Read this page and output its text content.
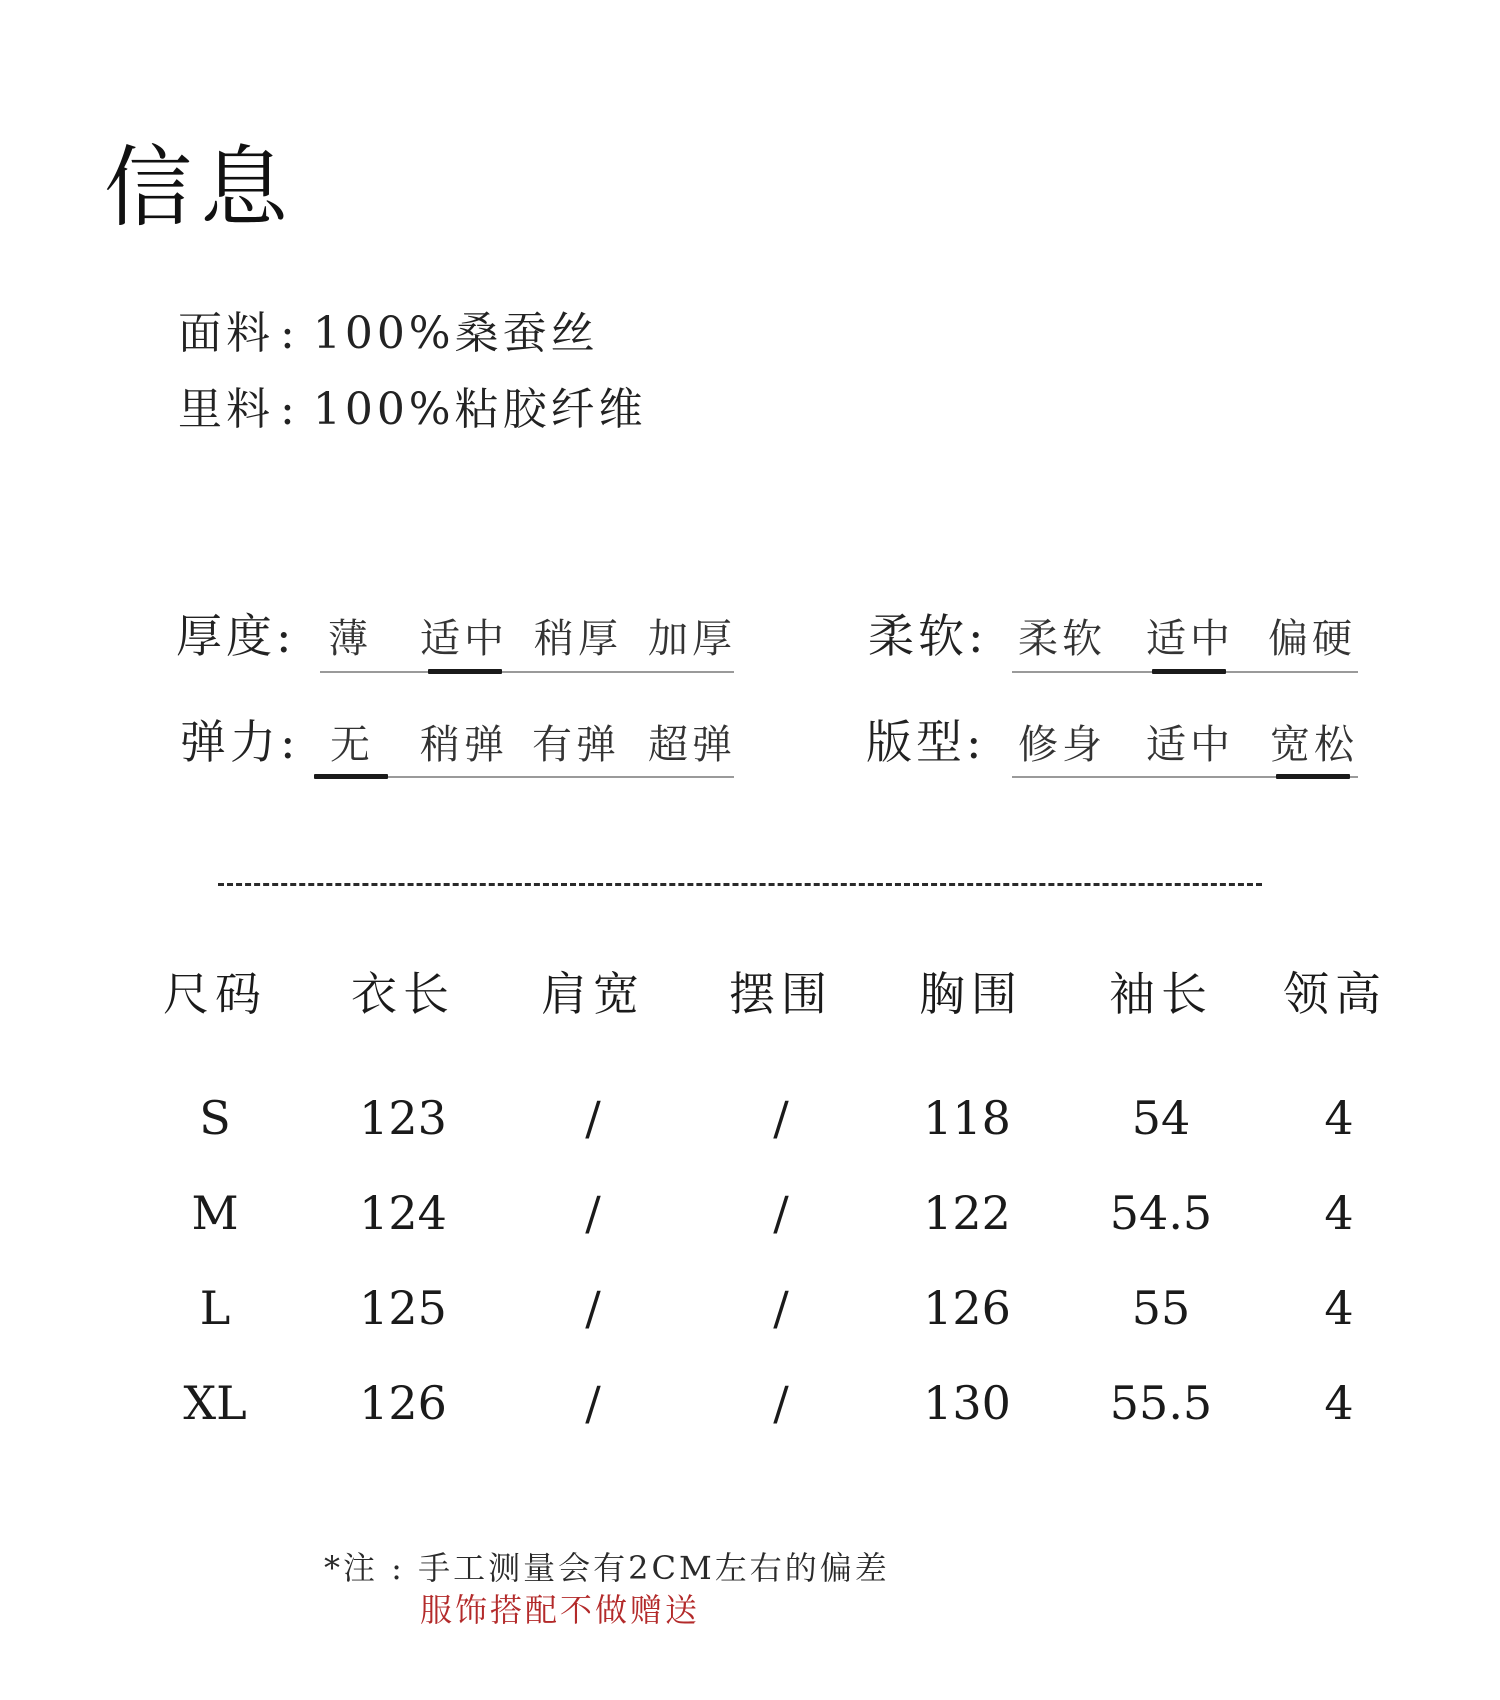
信息
面料 : 100%桑蚕丝
里料 : 100%粘胶纤维
厚度: 薄 适中 稍厚 加厚	柔软: 柔软 适中 偏硬
弹力: 无 稍弹 有弹 超弹	版型: 修身 适中 宽松
尺码	衣长	肩宽	摆围	胸围	袖长	领高
S	123	/	/	118	54	4
M	124	/	/	122	54.5	4
L	125	/	/	126	55	4
XL	126	/	/	130	55.5	4
*注 : 手工测量会有2CM左右的偏差
服饰搭配不做赠送
